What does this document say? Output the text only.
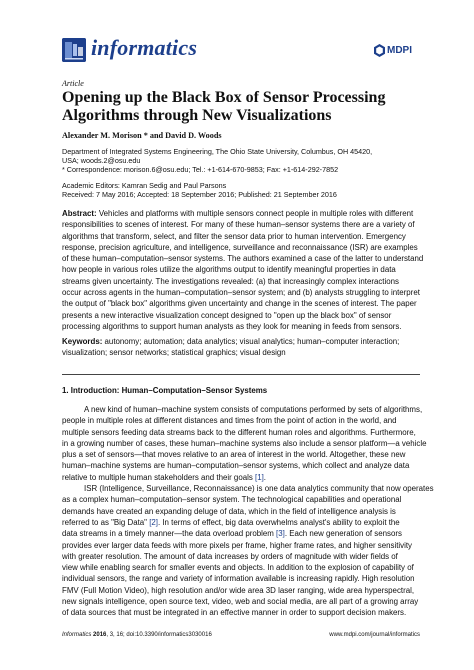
informatics	MDPI
Article
Opening up the Black Box of Sensor Processing
Algorithms through New Visualizations
Alexander M. Morison * and David D. Woods
Department of Integrated Systems Engineering, The Ohio State University, Columbus, OH 45420,
USA; woods.2@osu.edu
* Correspondence: morison.6@osu.edu; Tel.: +1-614-670-9853; Fax: +1-614-292-7852
Academic Editors: Kamran Sedig and Paul Parsons
Received: 7 May 2016; Accepted: 18 September 2016; Published: 21 September 2016
Abstract: Vehicles and platforms with multiple sensors connect people in multiple roles with different
responsibilities to scenes of interest. For many of these human–sensor systems there are a variety of
algorithms that transform, select, and filter the sensor data prior to human intervention. Emergency
response, precision agriculture, and intelligence, surveillance and reconnaissance (ISR) are examples
of these human–computation–sensor systems. The authors examined a case of the latter to understand
how people in various roles utilize the algorithms output to identify meaningful properties in data
streams given uncertainty. The investigations revealed: (a) that increasingly complex interactions
occur across agents in the human–computation–sensor system; and (b) analysts struggling to interpret
the output of "black box" algorithms given uncertainty and change in the scenes of interest. The paper
presents a new interactive visualization concept designed to "open up the black box" of sensor
processing algorithms to support human analysts as they look for meaning in feeds from sensors.
Keywords: autonomy; automation; data analytics; visual analytics; human–computer interaction;
visualization; sensor networks; statistical graphics; visual design
1. Introduction: Human–Computation–Sensor Systems
A new kind of human–machine system consists of computations performed by sets of algorithms,
people in multiple roles at different distances and times from the point of action in the world, and
multiple sensors feeding data streams back to the different human roles and algorithms. Furthermore,
in a growing number of cases, these human–machine systems also include a sensor platform—a vehicle
plus a set of sensors—that moves relative to an area of interest in the world. Altogether, these new
human–machine systems are human–computation–sensor systems, which collect and analyze data
relative to multiple human stakeholders and their goals [1].
ISR (Intelligence, Surveillance, Reconnaissance) is one data analytics community that now operates
as a complex human–computation–sensor system. The technological capabilities and operational
demands have created an expanding deluge of data, which in the field of intelligence analysis is
referred to as "Big Data" [2]. In terms of effect, big data overwhelms analyst's ability to exploit the
data streams in a timely manner—the data overload problem [3]. Each new generation of sensors
provides ever larger data feeds with more pixels per frame, higher frame rates, and higher sensitivity
with greater resolution. The amount of data increases by orders of magnitude with wider fields of
view while enabling search for smaller events and objects. In addition to the explosion of capability of
individual sensors, the range and variety of information available is increasing rapidly. High resolution
FMV (Full Motion Video), high resolution and/or wide area 3D laser ranging, wide area hyperspectral,
new signals intelligence, open source text, video, web and social media, are all part of a growing array
of data sources that must be integrated in an effective manner in order to support decision makers.
Informatics 2016, 3, 16; doi:10.3390/informatics3030016	www.mdpi.com/journal/informatics
